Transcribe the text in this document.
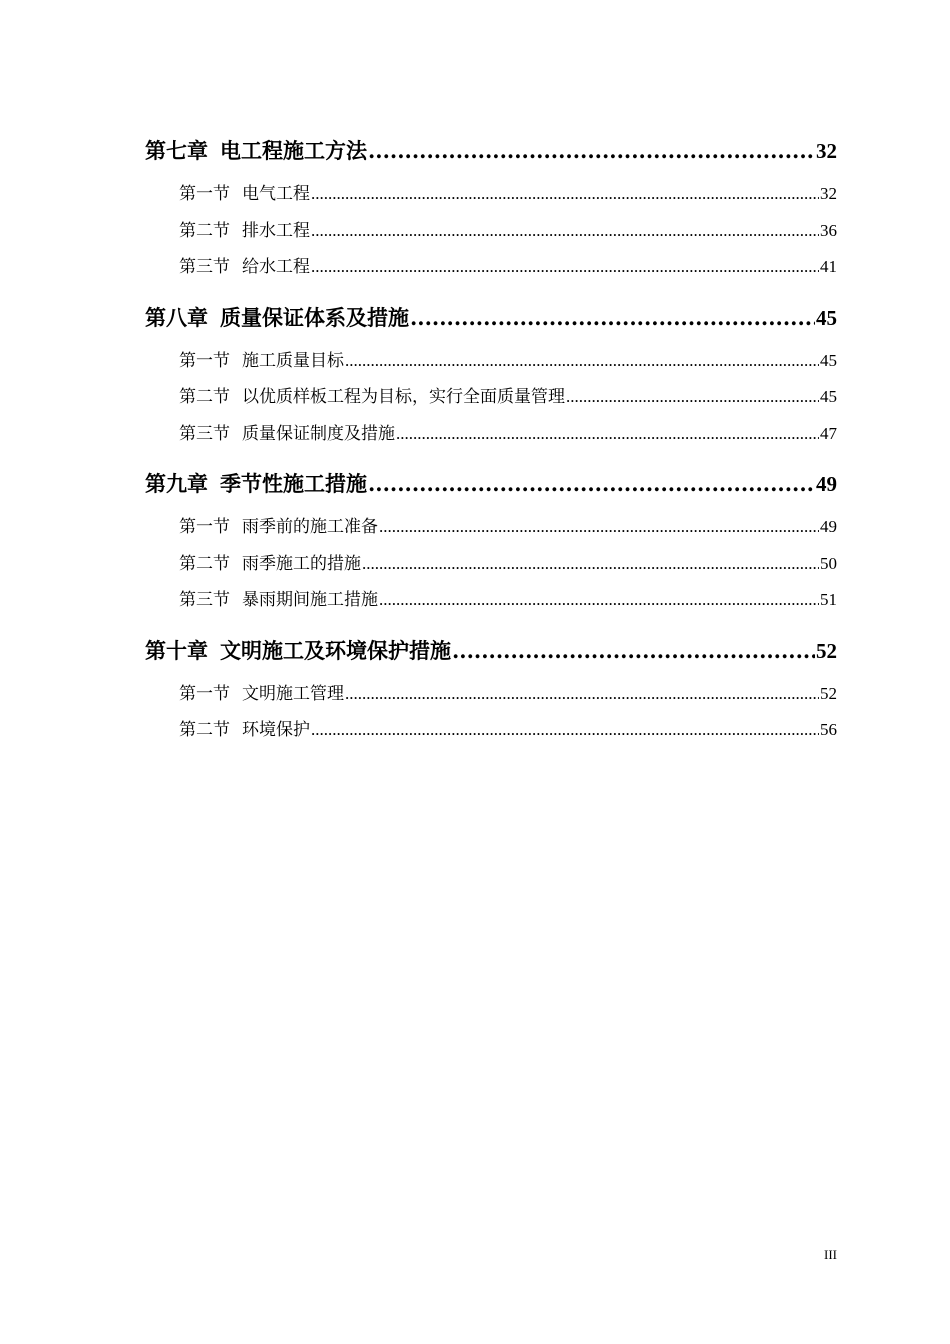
第七章 电工程施工方法 .....	32
第一节 电气工程 .....	32
第二节 排水工程 .....	36
第三节 给水工程 .....	41
第八章 质量保证体系及措施 .....	45
第一节 施工质量目标 .....	45
第二节 以优质样板工程为目标，实行全面质量管理 .....	45
第三节 质量保证制度及措施 .....	47
第九章 季节性施工措施 .....	49
第一节 雨季前的施工准备 .....	49
第二节 雨季施工的措施 .....	50
第三节 暴雨期间施工措施 .....	51
第十章 文明施工及环境保护措施 .....	52
第一节 文明施工管理 .....	52
第二节 环境保护 .....	56
III
